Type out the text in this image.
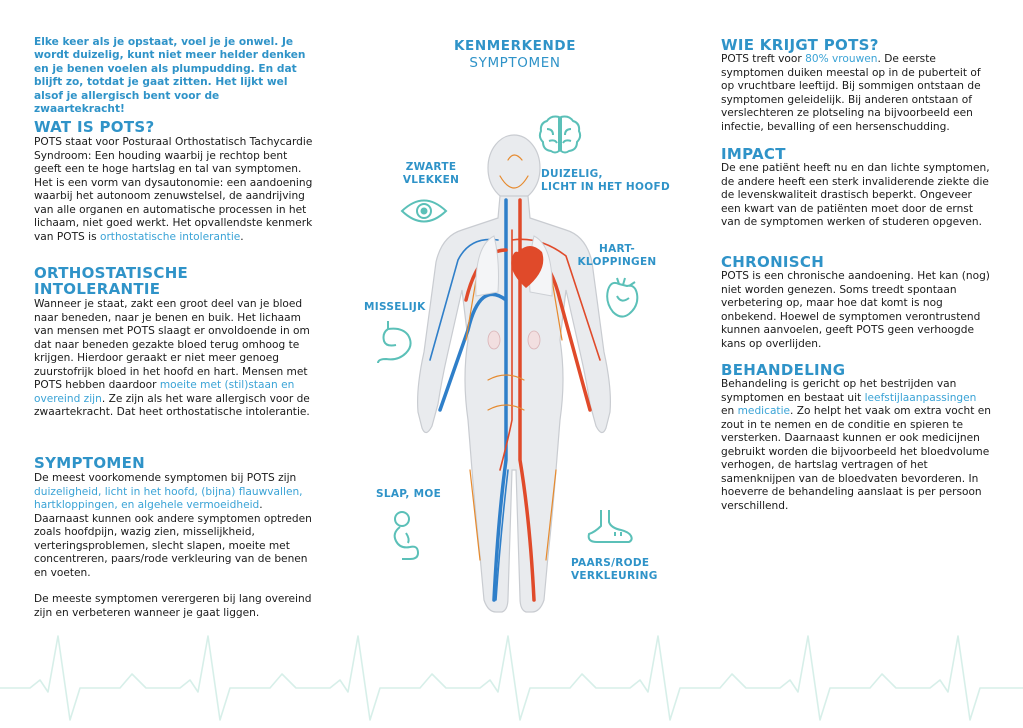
Elke keer als je opstaat, voel je je onwel. Je wordt duizelig, kunt niet meer helder denken en je benen voelen als plumpudding. En dat blijft zo, totdat je gaat zitten. Het lijkt wel alsof je allergisch bent voor de zwaartekracht!
WAT IS POTS?

POTS staat voor Posturaal Orthostatisch Tachycardie Syndroom: Een houding waarbij je rechtop bent geeft een te hoge hartslag en tal van symptomen. Het is een vorm van dysautonomie: een aandoening waarbij het autonoom zenuwstelsel, de aandrijving van alle organen en automatische processen in het lichaam, niet goed werkt. Het opvallendste kenmerk van POTS is orthostatische intolerantie.

ORTHOSTATISCHE
INTOLERANTIE

Wanneer je staat, zakt een groot deel van je bloed naar beneden, naar je benen en buik. Het lichaam van mensen met POTS slaagt er onvoldoende in om dat naar beneden gezakte bloed terug omhoog te krijgen. Hierdoor geraakt er niet meer genoeg zuurstofrijk bloed in het hoofd en hart. Mensen met POTS hebben daardoor moeite met (stil)staan en overeind zijn. Ze zijn als het ware allergisch voor de zwaartekracht. Dat heet orthostatische intolerantie.

SYMPTOMEN

De meest voorkomende symptomen bij POTS zijn duizeligheid, licht in het hoofd, (bijna) flauwvallen, hartkloppingen, en algehele vermoeidheid. Daarnaast kunnen ook andere symptomen optreden zoals hoofdpijn, wazig zien, misselijkheid, verteringsproblemen, slecht slapen, moeite met concentreren, paars/rode verkleuring van de benen en voeten.

De meeste symptomen verergeren bij lang overeind zijn en verbeteren wanneer je gaat liggen.

KENMERKENDE
SYMPTOMEN
ZWARTE VLEKKEN	DUIZELIG,
LICHT IN HET HOOFD
HART-
KLOPPINGEN
MISSELIJK
SLAP, MOE
PAARS/RODE
VERKLEURING
WIE KRIJGT POTS?

POTS treft voor 80% vrouwen. De eerste symptomen duiken meestal op in de puberteit of op vruchtbare leeftijd. Bij sommigen ontstaan de symptomen geleidelijk. Bij anderen ontstaan of verslechteren ze plotseling na bijvoorbeeld een infectie, bevalling of een hersenschudding.

IMPACT

De ene patiënt heeft nu en dan lichte symptomen, de andere heeft een sterk invaliderende ziekte die de levenskwaliteit drastisch beperkt. Ongeveer een kwart van de patiënten moet door de ernst van de symptomen werken of studeren opgeven.

CHRONISCH

POTS is een chronische aandoening. Het kan (nog) niet worden genezen. Soms treedt spontaan verbetering op, maar hoe dat komt is nog onbekend. Hoewel de symptomen verontrustend kunnen aanvoelen, geeft POTS geen verhoogde kans op overlijden.

BEHANDELING

Behandeling is gericht op het bestrijden van symptomen en bestaat uit leefstijlaanpassingen en medicatie. Zo helpt het vaak om extra vocht en zout in te nemen en de conditie en spieren te versterken. Daarnaast kunnen er ook medicijnen gebruikt worden die bijvoorbeeld het bloedvolume verhogen, de hartslag vertragen of het samenknijpen van de bloedvaten bevorderen. In hoeverre de behandeling aanslaat is per persoon verschillend.
